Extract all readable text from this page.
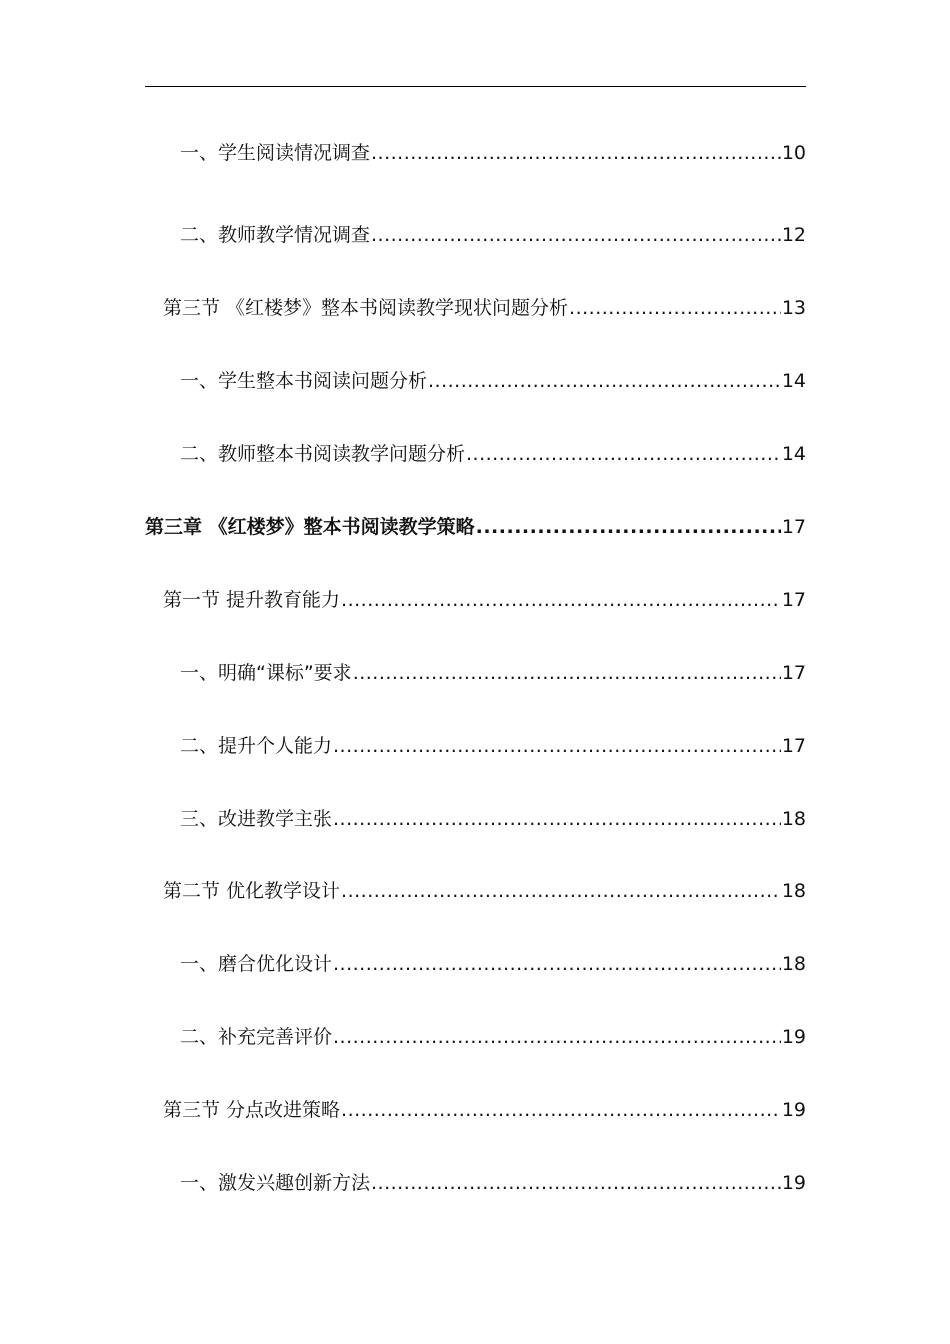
一、学生阅读情况调查 .....	10
二、教师教学情况调查 .....	12
第三节 《红楼梦》整本书阅读教学现状问题分析 .....	13
一、学生整本书阅读问题分析 .....	14
二、教师整本书阅读教学问题分析 .....	14
第三章 《红楼梦》整本书阅读教学策略 .....	17
第一节 提升教育能力 .....	17
一、明确“课标”要求 .....	17
二、提升个人能力 .....	17
三、改进教学主张 .....	18
第二节 优化教学设计 .....	18
一、磨合优化设计 .....	18
二、补充完善评价 .....	19
第三节 分点改进策略 .....	19
一、激发兴趣创新方法 .....	19
